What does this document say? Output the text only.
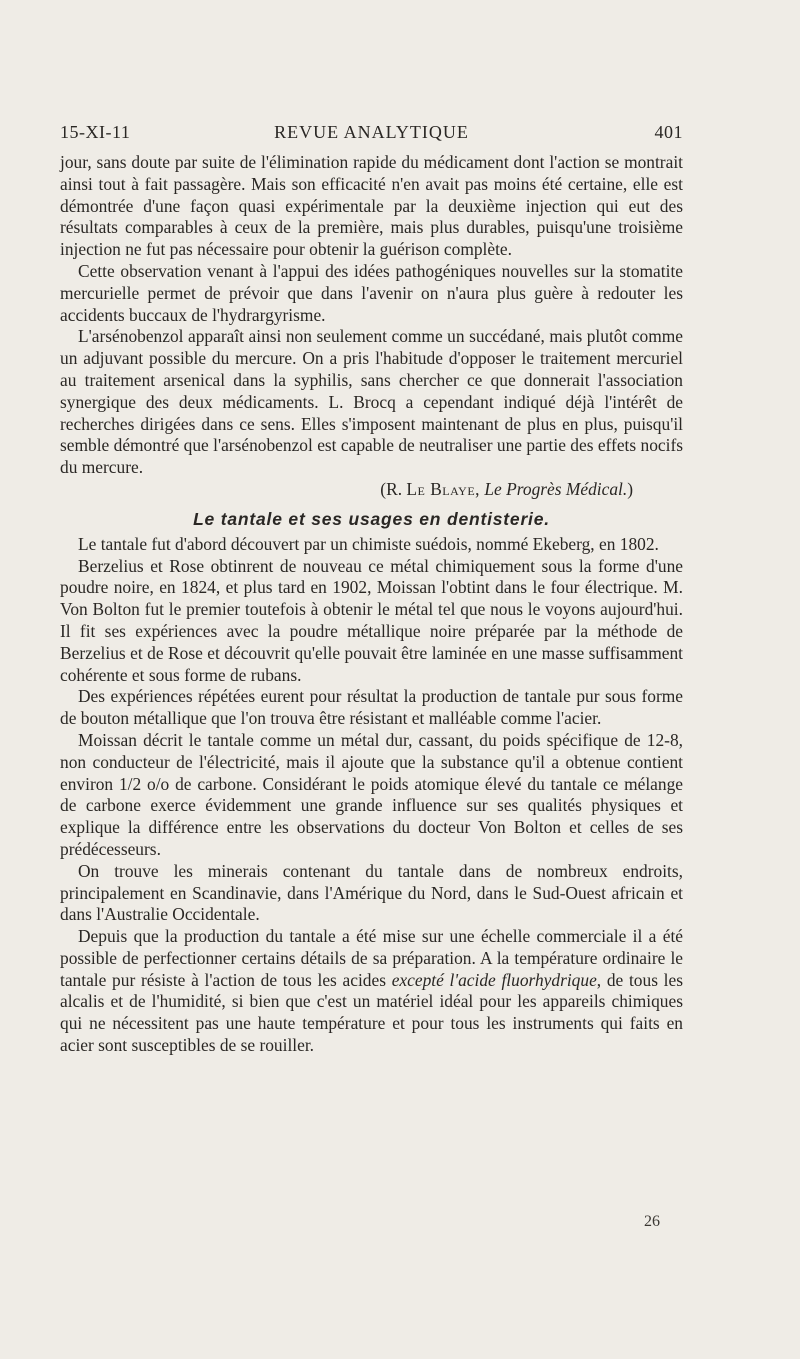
15-XI-11	REVUE ANALYTIQUE	401

jour, sans doute par suite de l'élimination rapide du médicament dont l'action se montrait ainsi tout à fait passagère. Mais son efficacité n'en avait pas moins été certaine, elle est démontrée d'une façon quasi expérimentale par la deuxième injection qui eut des résultats comparables à ceux de la première, mais plus durables, puisqu'une troisième injection ne fut pas nécessaire pour obtenir la guérison complète.

Cette observation venant à l'appui des idées pathogéniques nouvelles sur la stomatite mercurielle permet de prévoir que dans l'avenir on n'aura plus guère à redouter les accidents buccaux de l'hydrargyrisme.

L'arsénobenzol apparaît ainsi non seulement comme un succédané, mais plutôt comme un adjuvant possible du mercure. On a pris l'habitude d'opposer le traitement mercuriel au traitement arsenical dans la syphilis, sans chercher ce que donnerait l'association synergique des deux médicaments. L. Brocq a cependant indiqué déjà l'intérêt de recherches dirigées dans ce sens. Elles s'imposent maintenant de plus en plus, puisqu'il semble démontré que l'arsénobenzol est capable de neutraliser une partie des effets nocifs du mercure.

(R. Le Blaye, Le Progrès Médical.)

Le tantale et ses usages en dentisterie.

Le tantale fut d'abord découvert par un chimiste suédois, nommé Ekeberg, en 1802.

Berzelius et Rose obtinrent de nouveau ce métal chimiquement sous la forme d'une poudre noire, en 1824, et plus tard en 1902, Moissan l'obtint dans le four électrique. M. Von Bolton fut le premier toutefois à obtenir le métal tel que nous le voyons aujourd'hui. Il fit ses expériences avec la poudre métallique noire préparée par la méthode de Berzelius et de Rose et découvrit qu'elle pouvait être laminée en une masse suffisamment cohérente et sous forme de rubans.

Des expériences répétées eurent pour résultat la production de tantale pur sous forme de bouton métallique que l'on trouva être résistant et malléable comme l'acier.

Moissan décrit le tantale comme un métal dur, cassant, du poids spécifique de 12-8, non conducteur de l'électricité, mais il ajoute que la substance qu'il a obtenue contient environ 1/2 o/o de carbone. Considérant le poids atomique élevé du tantale ce mélange de carbone exerce évidemment une grande influence sur ses qualités physiques et explique la différence entre les observations du docteur Von Bolton et celles de ses prédécesseurs.

On trouve les minerais contenant du tantale dans de nombreux endroits, principalement en Scandinavie, dans l'Amérique du Nord, dans le Sud-Ouest africain et dans l'Australie Occidentale.

Depuis que la production du tantale a été mise sur une échelle commerciale il a été possible de perfectionner certains détails de sa préparation. A la température ordinaire le tantale pur résiste à l'action de tous les acides excepté l'acide fluorhydrique, de tous les alcalis et de l'humidité, si bien que c'est un matériel idéal pour les appareils chimiques qui ne nécessitent pas une haute température et pour tous les instruments qui faits en acier sont susceptibles de se rouiller.

26
